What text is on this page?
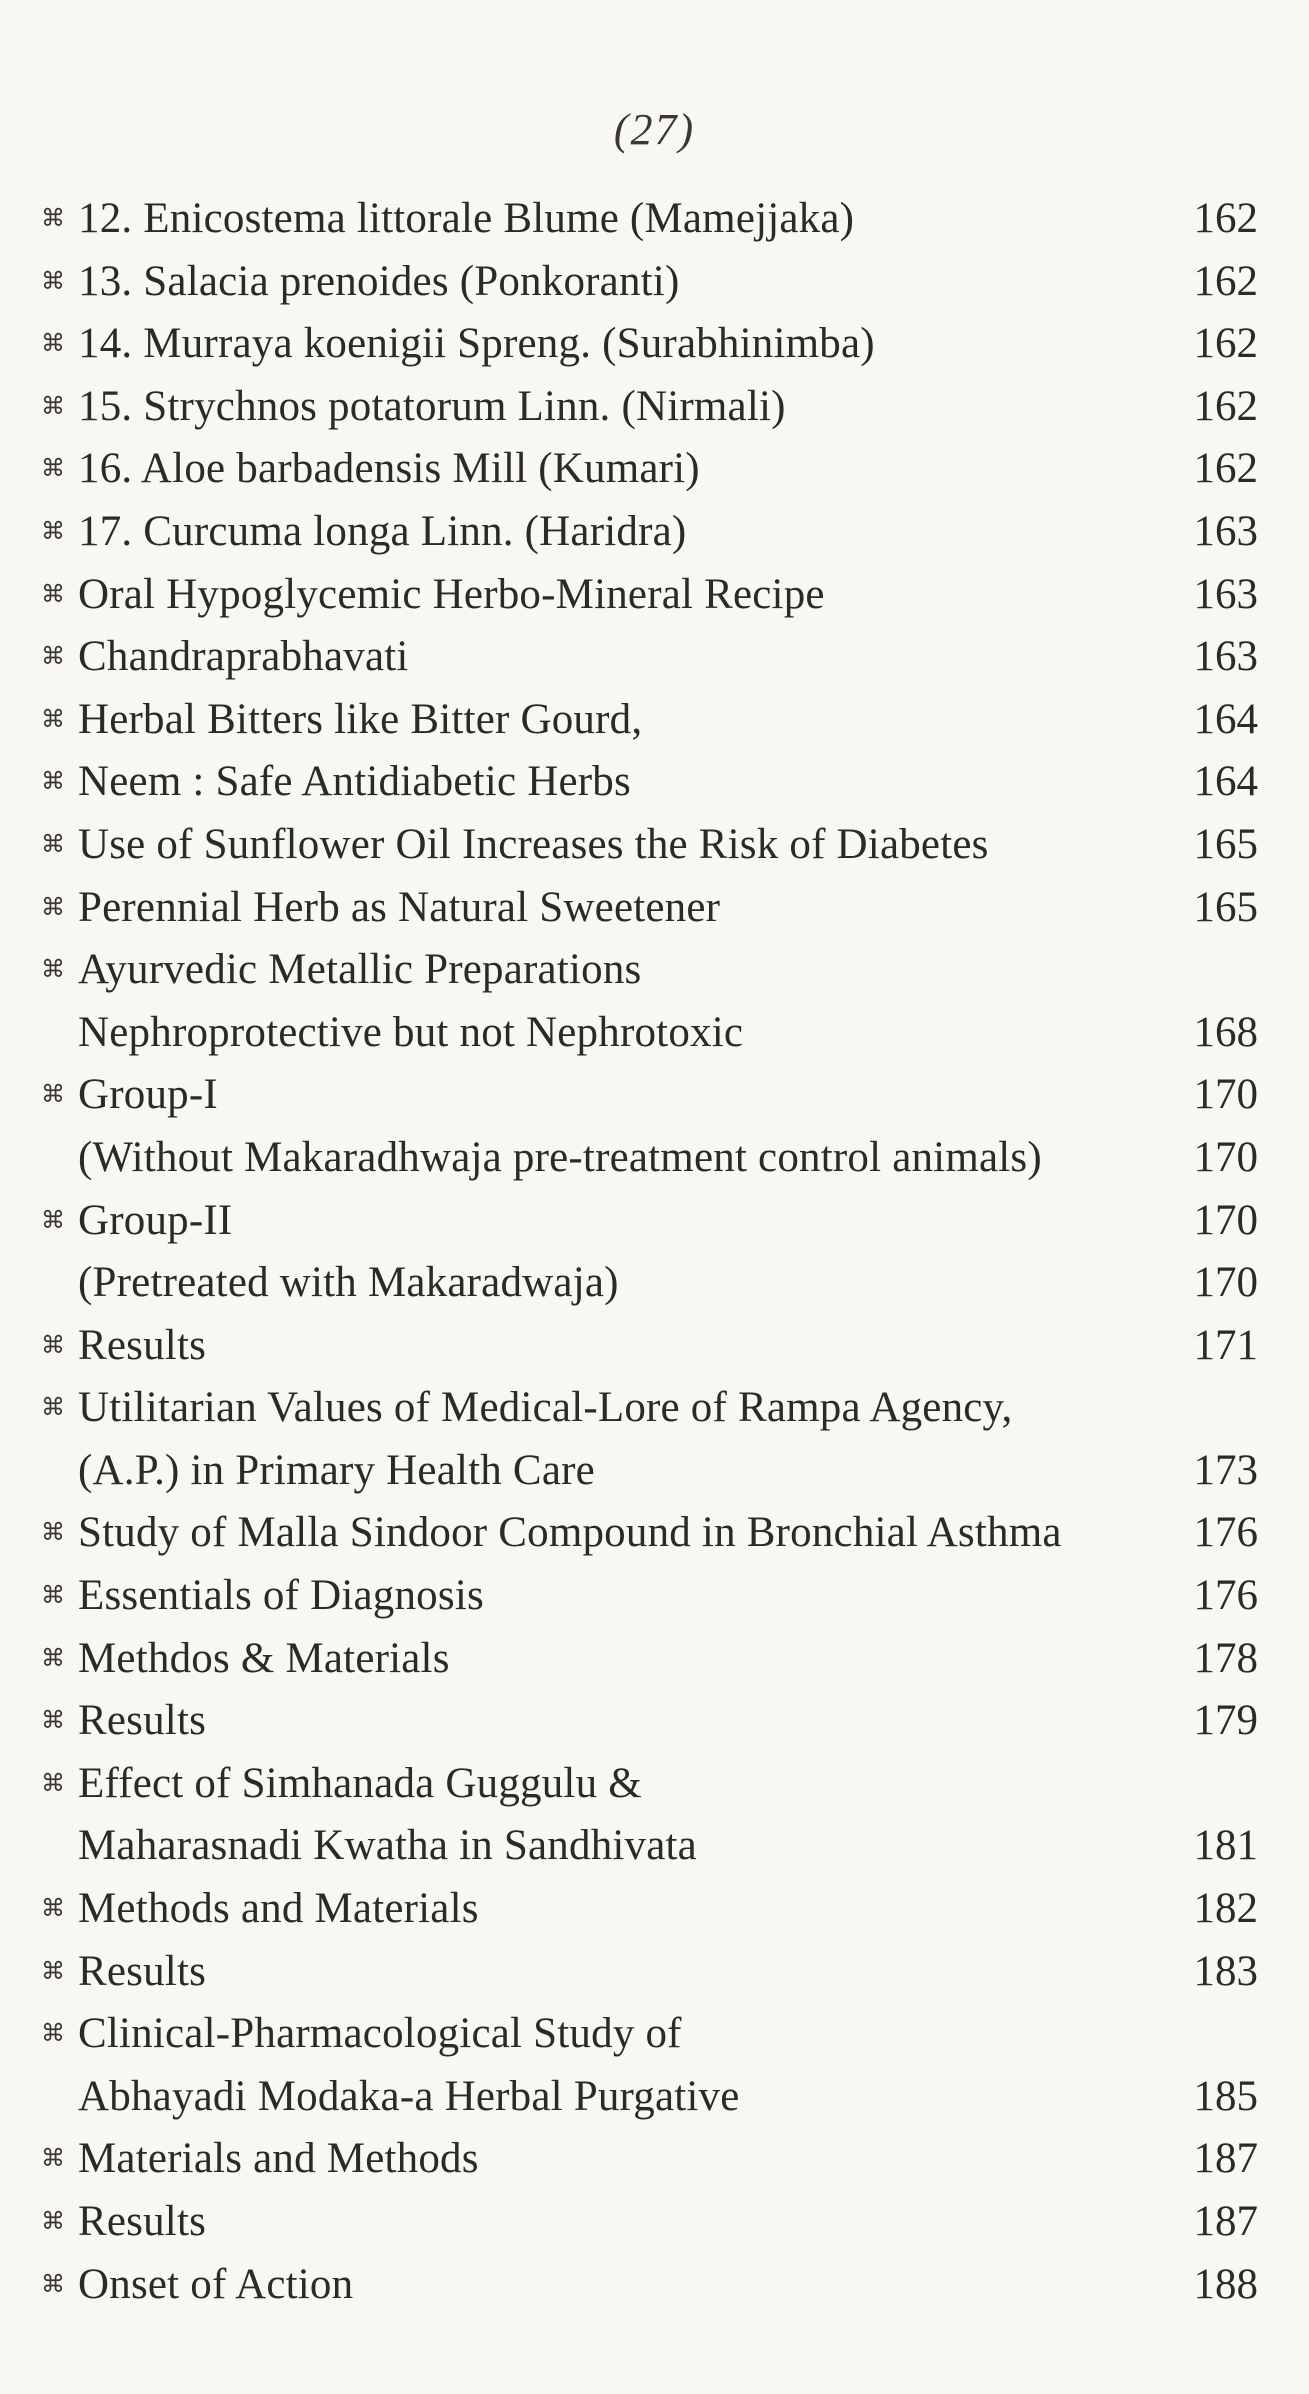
(27)
⌘ 12. Enicostema littorale Blume (Mamejjaka)	162
⌘ 13. Salacia prenoides (Ponkoranti)	162
⌘ 14. Murraya koenigii Spreng. (Surabhinimba)	162
⌘ 15. Strychnos potatorum Linn. (Nirmali)	162
⌘ 16. Aloe barbadensis Mill (Kumari)	162
⌘ 17. Curcuma longa Linn. (Haridra)	163
⌘ Oral Hypoglycemic Herbo-Mineral Recipe	163
⌘ Chandraprabhavati	163
⌘ Herbal Bitters like Bitter Gourd,	164
⌘ Neem : Safe Antidiabetic Herbs	164
⌘ Use of Sunflower Oil Increases the Risk of Diabetes	165
⌘ Perennial Herb as Natural Sweetener	165
⌘ Ayurvedic Metallic Preparations
Nephroprotective but not Nephrotoxic	168
⌘ Group-I	170
(Without Makaradhwaja pre-treatment control animals)	170
⌘ Group-II	170
(Pretreated with Makaradwaja)	170
⌘ Results	171
⌘ Utilitarian Values of Medical-Lore of Rampa Agency,
(A.P.) in Primary Health Care	173
⌘ Study of Malla Sindoor Compound in Bronchial Asthma	176
⌘ Essentials of Diagnosis	176
⌘ Methdos & Materials	178
⌘ Results	179
⌘ Effect of Simhanada Guggulu &
Maharasnadi Kwatha in Sandhivata	181
⌘ Methods and Materials	182
⌘ Results	183
⌘ Clinical-Pharmacological Study of
Abhayadi Modaka-a Herbal Purgative	185
⌘ Materials and Methods	187
⌘ Results	187
⌘ Onset of Action	188
